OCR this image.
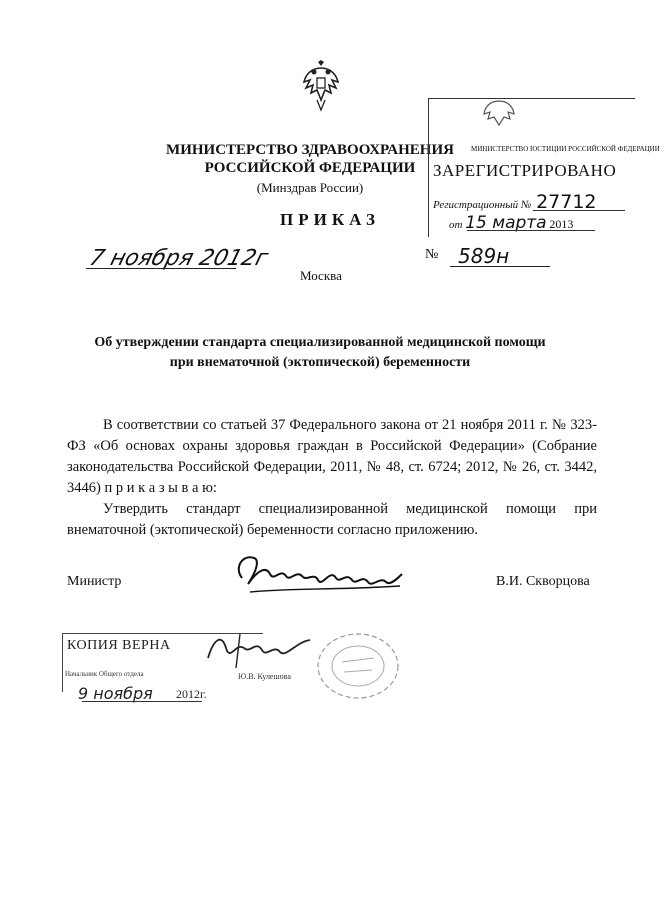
МИНИСТЕРСТВО ЗДРАВООХРАНЕНИЯ
РОССИЙСКОЙ ФЕДЕРАЦИИ
(Минздрав России)
МИНИСТЕРСТВО ЮСТИЦИИ РОССИЙСКОЙ ФЕДЕРАЦИИ
ЗАРЕГИСТРИРОВАНО
Регистрационный № 27712
от 15 марта 2013
ПРИКАЗ
7 ноября 2012г	№ 589н
Москва
Об утверждении стандарта специализированной медицинской помощи
при внематочной (эктопической) беременности

В соответствии со статьей 37 Федерального закона от 21 ноября 2011 г. № 323-ФЗ «Об основах охраны здоровья граждан в Российской Федерации» (Собрание законодательства Российской Федерации, 2011, № 48, ст. 6724; 2012, № 26, ст. 3442, 3446) п р и к а з ы в а ю:

Утвердить стандарт специализированной медицинской помощи при внематочной (эктопической) беременности согласно приложению.

Министр	В.И. Скворцова
КОПИЯ ВЕРНА
Начальник Общего отдела	Ю.В. Кулешова
9 ноября 2012г.
